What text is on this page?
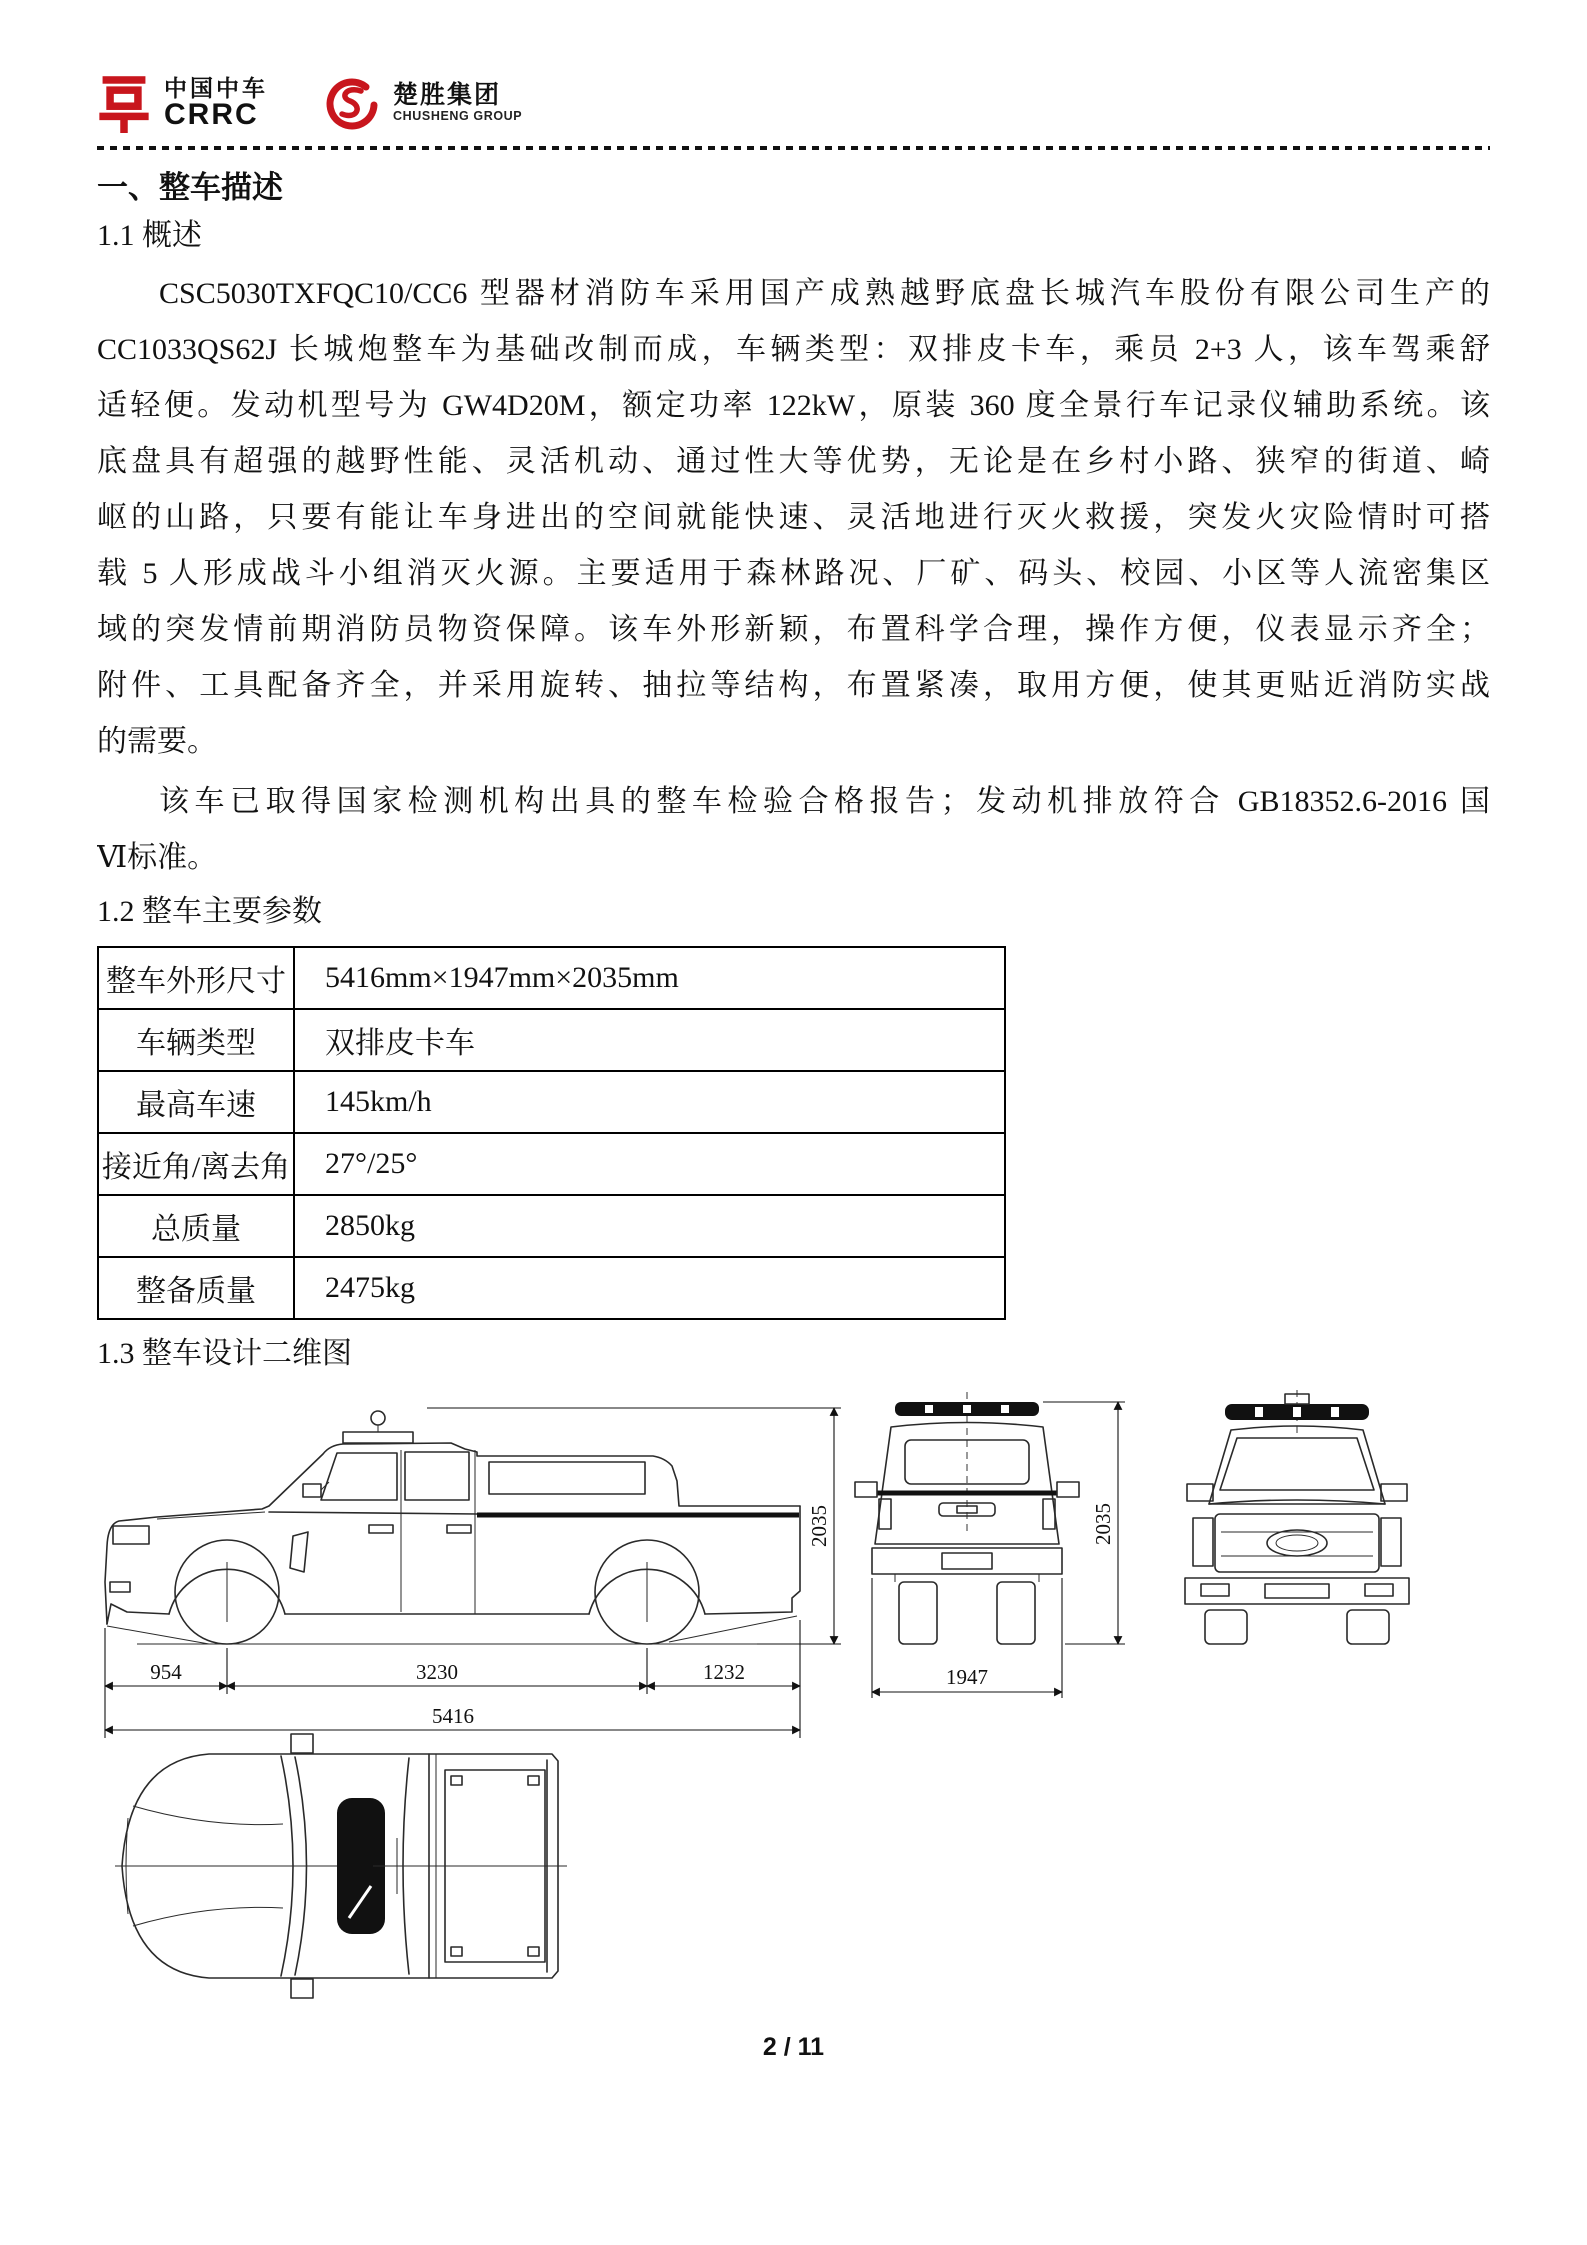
中国中车
CRRC
楚胜集团
CHUSHENG GROUP
一、整车描述
1.1 概述
CSC5030TXFQC10/CC6 型器材消防车采用国产成熟越野底盘长城汽车股份有限公司生产的
CC1033QS62J 长城炮整车为基础改制而成，车辆类型：双排皮卡车，乘员 2+3 人，该车驾乘舒
适轻便。发动机型号为 GW4D20M，额定功率 122kW，原装 360 度全景行车记录仪辅助系统。该
底盘具有超强的越野性能、灵活机动、通过性大等优势，无论是在乡村小路、狭窄的街道、崎
岖的山路，只要有能让车身进出的空间就能快速、灵活地进行灭火救援，突发火灾险情时可搭
载 5 人形成战斗小组消灭火源。主要适用于森林路况、厂矿、码头、校园、小区等人流密集区
域的突发情前期消防员物资保障。该车外形新颖，布置科学合理，操作方便，仪表显示齐全；
附件、工具配备齐全，并采用旋转、抽拉等结构，布置紧凑，取用方便，使其更贴近消防实战
的需要。
该车已取得国家检测机构出具的整车检验合格报告；发动机排放符合 GB18352.6-2016 国
Ⅵ标准。
1.2 整车主要参数
整车外形尺寸	5416mm×1947mm×2035mm
车辆类型	双排皮卡车
最高车速	145km/h
接近角/离去角	27°/25°
总质量	2850kg
整备质量	2475kg
1.3 整车设计二维图
954	3230	1232
5416
2035
1947
2035
2 / 11
